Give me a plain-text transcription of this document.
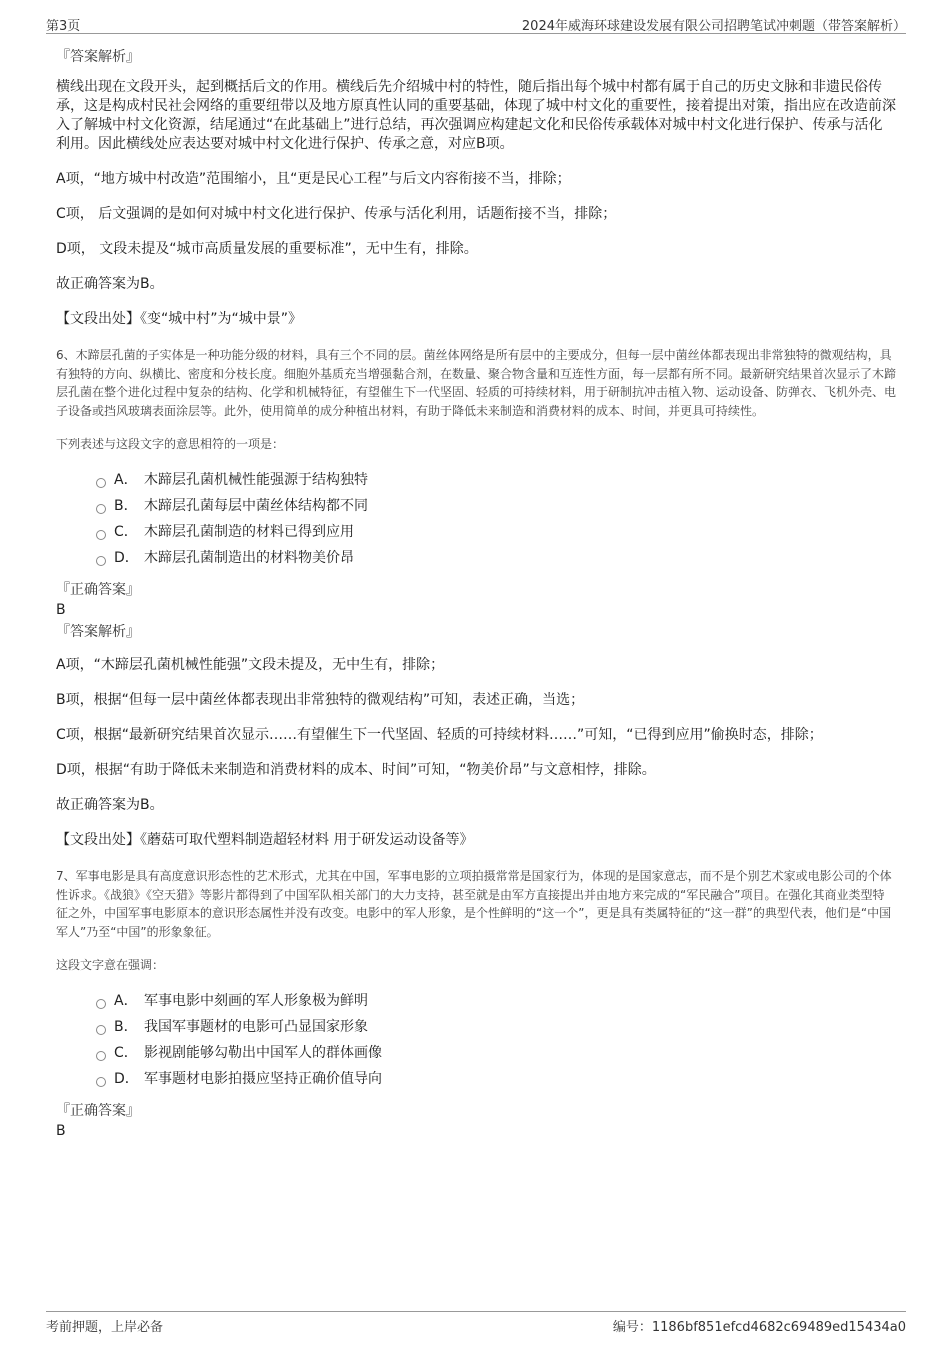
第3页	2024年威海环球建设发展有限公司招聘笔试冲刺题（带答案解析）
『答案解析』
横线出现在文段开头，起到概括后文的作用。横线后先介绍城中村的特性，随后指出每个城中村都有属于自己的历史文脉和非遗民俗传承，这是构成村民社会网络的重要纽带以及地方原真性认同的重要基础，体现了城中村文化的重要性，接着提出对策，指出应在改造前深入了解城中村文化资源，结尾通过“在此基础上”进行总结，再次强调应构建起文化和民俗传承载体对城中村文化进行保护、传承与活化利用。因此横线处应表达要对城中村文化进行保护、传承之意，对应B项。
A项，“地方城中村改造”范围缩小，且“更是民心工程”与后文内容衔接不当，排除；
C项， 后文强调的是如何对城中村文化进行保护、传承与活化利用，话题衔接不当，排除；
D项， 文段未提及“城市高质量发展的重要标准”，无中生有，排除。
故正确答案为B。
【文段出处】《变“城中村”为“城中景”》
6、木蹄层孔菌的子实体是一种功能分级的材料，具有三个不同的层。菌丝体网络是所有层中的主要成分，但每一层中菌丝体都表现出非常独特的微观结构，具有独特的方向、纵横比、密度和分枝长度。细胞外基质充当增强黏合剂，在数量、聚合物含量和互连性方面，每一层都有所不同。最新研究结果首次显示了木蹄层孔菌在整个进化过程中复杂的结构、化学和机械特征，有望催生下一代坚固、轻质的可持续材料，用于研制抗冲击植入物、运动设备、防弹衣、飞机外壳、电子设备或挡风玻璃表面涂层等。此外，使用简单的成分种植出材料，有助于降低未来制造和消费材料的成本、时间，并更具可持续性。
下列表述与这段文字的意思相符的一项是：
A． 木蹄层孔菌机械性能强源于结构独特
B． 木蹄层孔菌每层中菌丝体结构都不同
C． 木蹄层孔菌制造的材料已得到应用
D． 木蹄层孔菌制造出的材料物美价昂
『正确答案』
B
『答案解析』
A项，“木蹄层孔菌机械性能强”文段未提及，无中生有，排除；
B项，根据“但每一层中菌丝体都表现出非常独特的微观结构”可知，表述正确，当选；
C项，根据“最新研究结果首次显示……有望催生下一代坚固、轻质的可持续材料……”可知，“已得到应用”偷换时态，排除；
D项，根据“有助于降低未来制造和消费材料的成本、时间”可知，“物美价昂”与文意相悖，排除。
故正确答案为B。
【文段出处】《蘑菇可取代塑料制造超轻材料 用于研发运动设备等》
7、军事电影是具有高度意识形态性的艺术形式，尤其在中国，军事电影的立项拍摄常常是国家行为，体现的是国家意志，而不是个别艺术家或电影公司的个体性诉求。《战狼》《空天猎》等影片都得到了中国军队相关部门的大力支持，甚至就是由军方直接提出并由地方来完成的“军民融合”项目。在强化其商业类型特征之外，中国军事电影原本的意识形态属性并没有改变。电影中的军人形象，是个性鲜明的“这一个”，更是具有类属特征的“这一群”的典型代表，他们是“中国军人”乃至“中国”的形象象征。
这段文字意在强调：
A． 军事电影中刻画的军人形象极为鲜明
B． 我国军事题材的电影可凸显国家形象
C． 影视剧能够勾勒出中国军人的群体画像
D． 军事题材电影拍摄应坚持正确价值导向
『正确答案』
B
考前押题，上岸必备	编号：1186bf851efcd4682c69489ed15434a0
